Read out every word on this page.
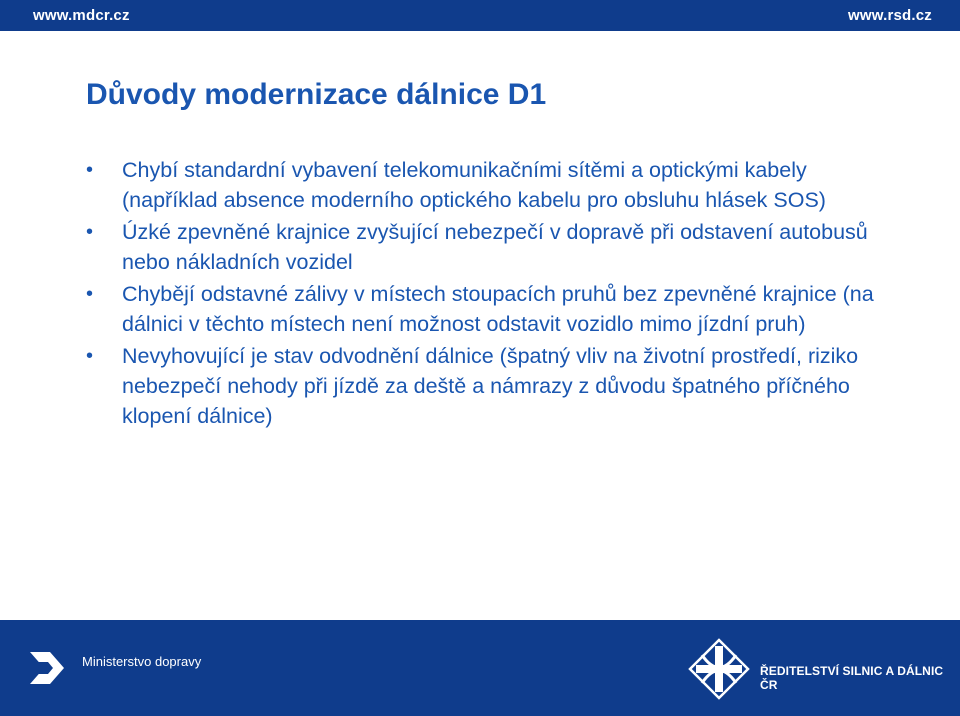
www.mdcr.cz	www.rsd.cz
Důvody modernizace dálnice D1
• Chybí standardní vybavení telekomunikačními sítěmi a optickými kabely (například absence moderního optického kabelu pro obsluhu hlásek SOS)
• Úzké zpevněné krajnice zvyšující nebezpečí v dopravě při odstavení autobusů nebo nákladních vozidel
• Chybějí odstavné zálivy v místech stoupacích pruhů bez zpevněné krajnice (na dálnici v těchto místech není možnost odstavit vozidlo mimo jízdní pruh)
• Nevyhovující je stav odvodnění dálnice (špatný vliv na životní prostředí, riziko nebezpečí nehody při jízdě za deště a námrazy z důvodu špatného příčného klopení dálnice)
Ministerstvo dopravy
ŘEDITELSTVÍ SILNIC A DÁLNIC ČR
